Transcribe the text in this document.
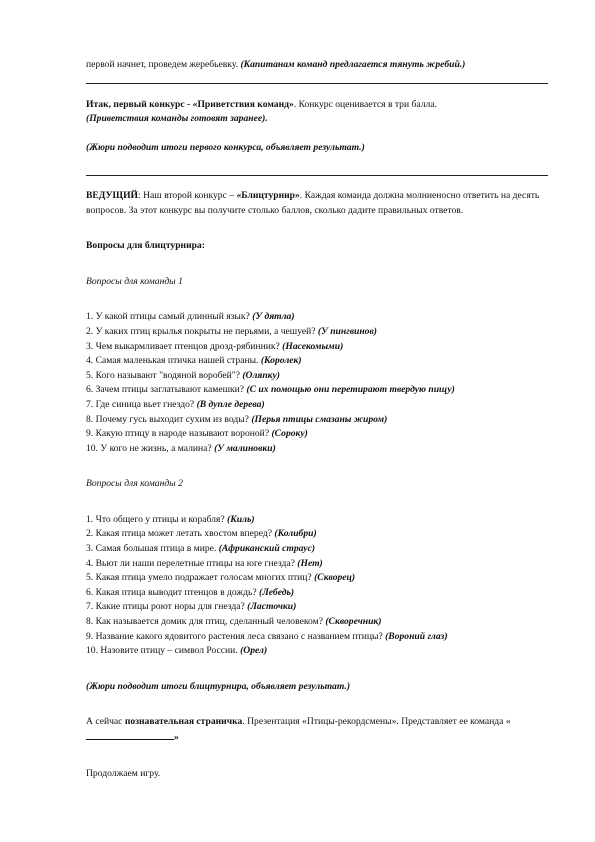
первой начнет, проведем жеребьевку. (Капитанам команд предлагается тянуть жребий.)

Итак, первый конкурс - «Приветствия команд». Конкурс оценивается в три балла.

(Приветствия команды готовят заранее).

(Жюри подводит итоги первого конкурса, объявляет результат.)

ВЕДУЩИЙ: Наш второй конкурс – «Блицтурнир». Каждая команда должна молниеносно ответить на десять вопросов. За этот конкурс вы получите столько баллов, сколько дадите правильных ответов.

Вопросы для блицтурнира:

Вопросы для команды 1

1. У какой птицы самый длинный язык? (У дятла)
2. У каких птиц крылья покрыты не перьями, а чешуей? (У пингвинов)
3. Чем выкармливает птенцов дрозд-рябинник? (Насекомыми)
4. Самая маленькая птичка нашей страны. (Королек)
5. Кого называют "водяной воробей"? (Оляпку)
6. Зачем птицы заглатывают камешки? (С их помощью они перетирают твердую пищу)
7. Где синица вьет гнездо? (В дупле дерева)
8. Почему гусь выходит сухим из воды? (Перья птицы смазаны жиром)
9. Какую птицу в народе называют вороной? (Сороку)
10. У кого не жизнь, а малина? (У малиновки)

Вопросы для команды 2

1. Что общего у птицы и корабля? (Киль)
2. Какая птица может летать хвостом вперед? (Колибри)
3. Самая большая птица в мире. (Африканский страус)
4. Вьют ли наши перелетные птицы на юге гнезда? (Нет)
5. Какая птица умело подражает голосам многих птиц? (Скворец)
6. Какая птица выводит птенцов в дождь? (Лебедь)
7. Какие птицы роют норы для гнезда? (Ласточки)
8. Как называется домик для птиц, сделанный человеком? (Скворечник)
9. Название какого ядовитого растения леса связано с названием птицы? (Вороний глаз)
10. Назовите птицу – символ России. (Орел)

(Жюри подводит итоги блицтурнира, объявляет результат.)

А сейчас познавательная страничка. Презентация «Птицы-рекордсмены». Представляет ее команда «»

Продолжаем игру.
